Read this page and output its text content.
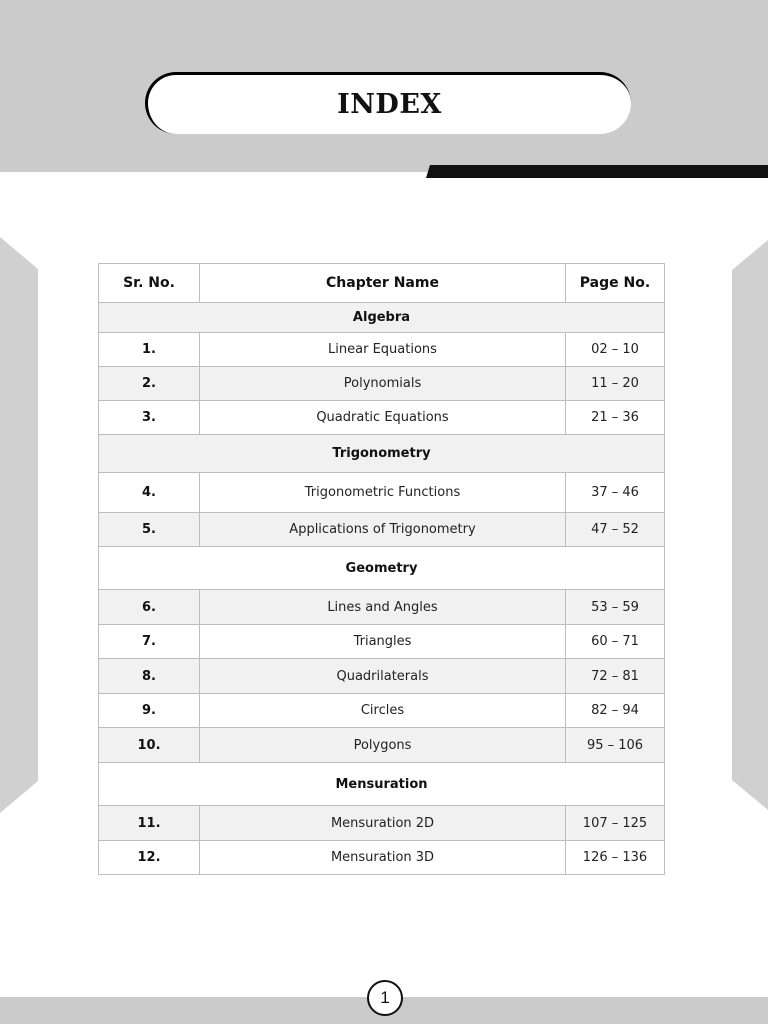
INDEX
Sr. No.	Chapter Name	Page No.
Algebra		
1.	Linear Equations	02 – 10
2.	Polynomials	11 – 20
3.	Quadratic Equations	21 – 36
Trigonometry		
4.	Trigonometric Functions	37 – 46
5.	Applications of Trigonometry	47 – 52
Geometry		
6.	Lines and Angles	53 – 59
7.	Triangles	60 – 71
8.	Quadrilaterals	72 – 81
9.	Circles	82 – 94
10.	Polygons	95 – 106
Mensuration		
11.	Mensuration 2D	107 – 125
12.	Mensuration 3D	126 – 136
1
